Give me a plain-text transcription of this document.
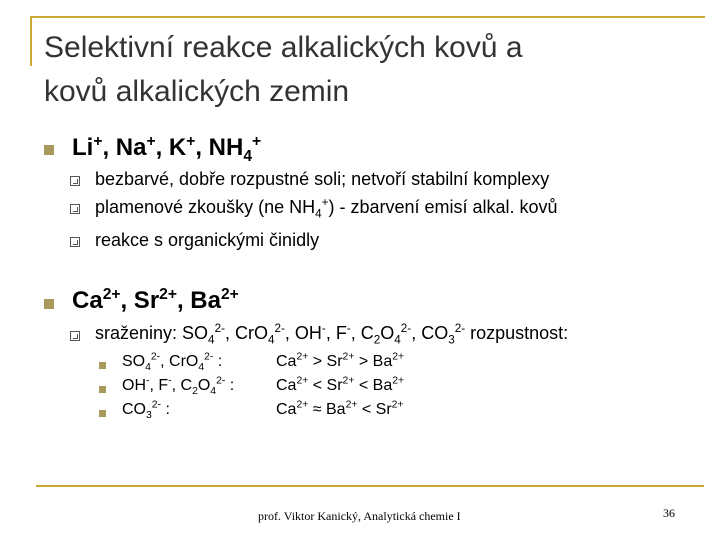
Selektivní reakce alkalických kovů a
kovů alkalických zemin
Li+, Na+, K+, $NH_4^+$
bezbarvé, dobře rozpustné soli; netvoří stabilní komplexy
plamenové zkoušky (ne $NH_4^+$) - zbarvení emisí alkal. kovů
reakce s organickými činidly
$Ca^{2+}$, $Sr^{2+}$, $Ba^{2+}$
sraženiny: $SO_4^{2-}$, CrO$_4^{2-}$, OH-, F-, $C_2O_4^{2-}$, $CO_3^{2-}$ rozpustnost:
$SO_4^{2-}$, CrO$_4^{2-}$ :	$Ca^{2+} > Sr^{2+} > Ba^{2+}$
OH-, F-, $C_2O_4^{2-}$ :	$Ca^{2+} < Sr^{2+} < Ba^{2+}$
$CO_3^{2-}$ :	$Ca^{2+} \approx Ba^{2+} < Sr^{2+}$
prof. Viktor Kanický, Analytická chemie I	36
